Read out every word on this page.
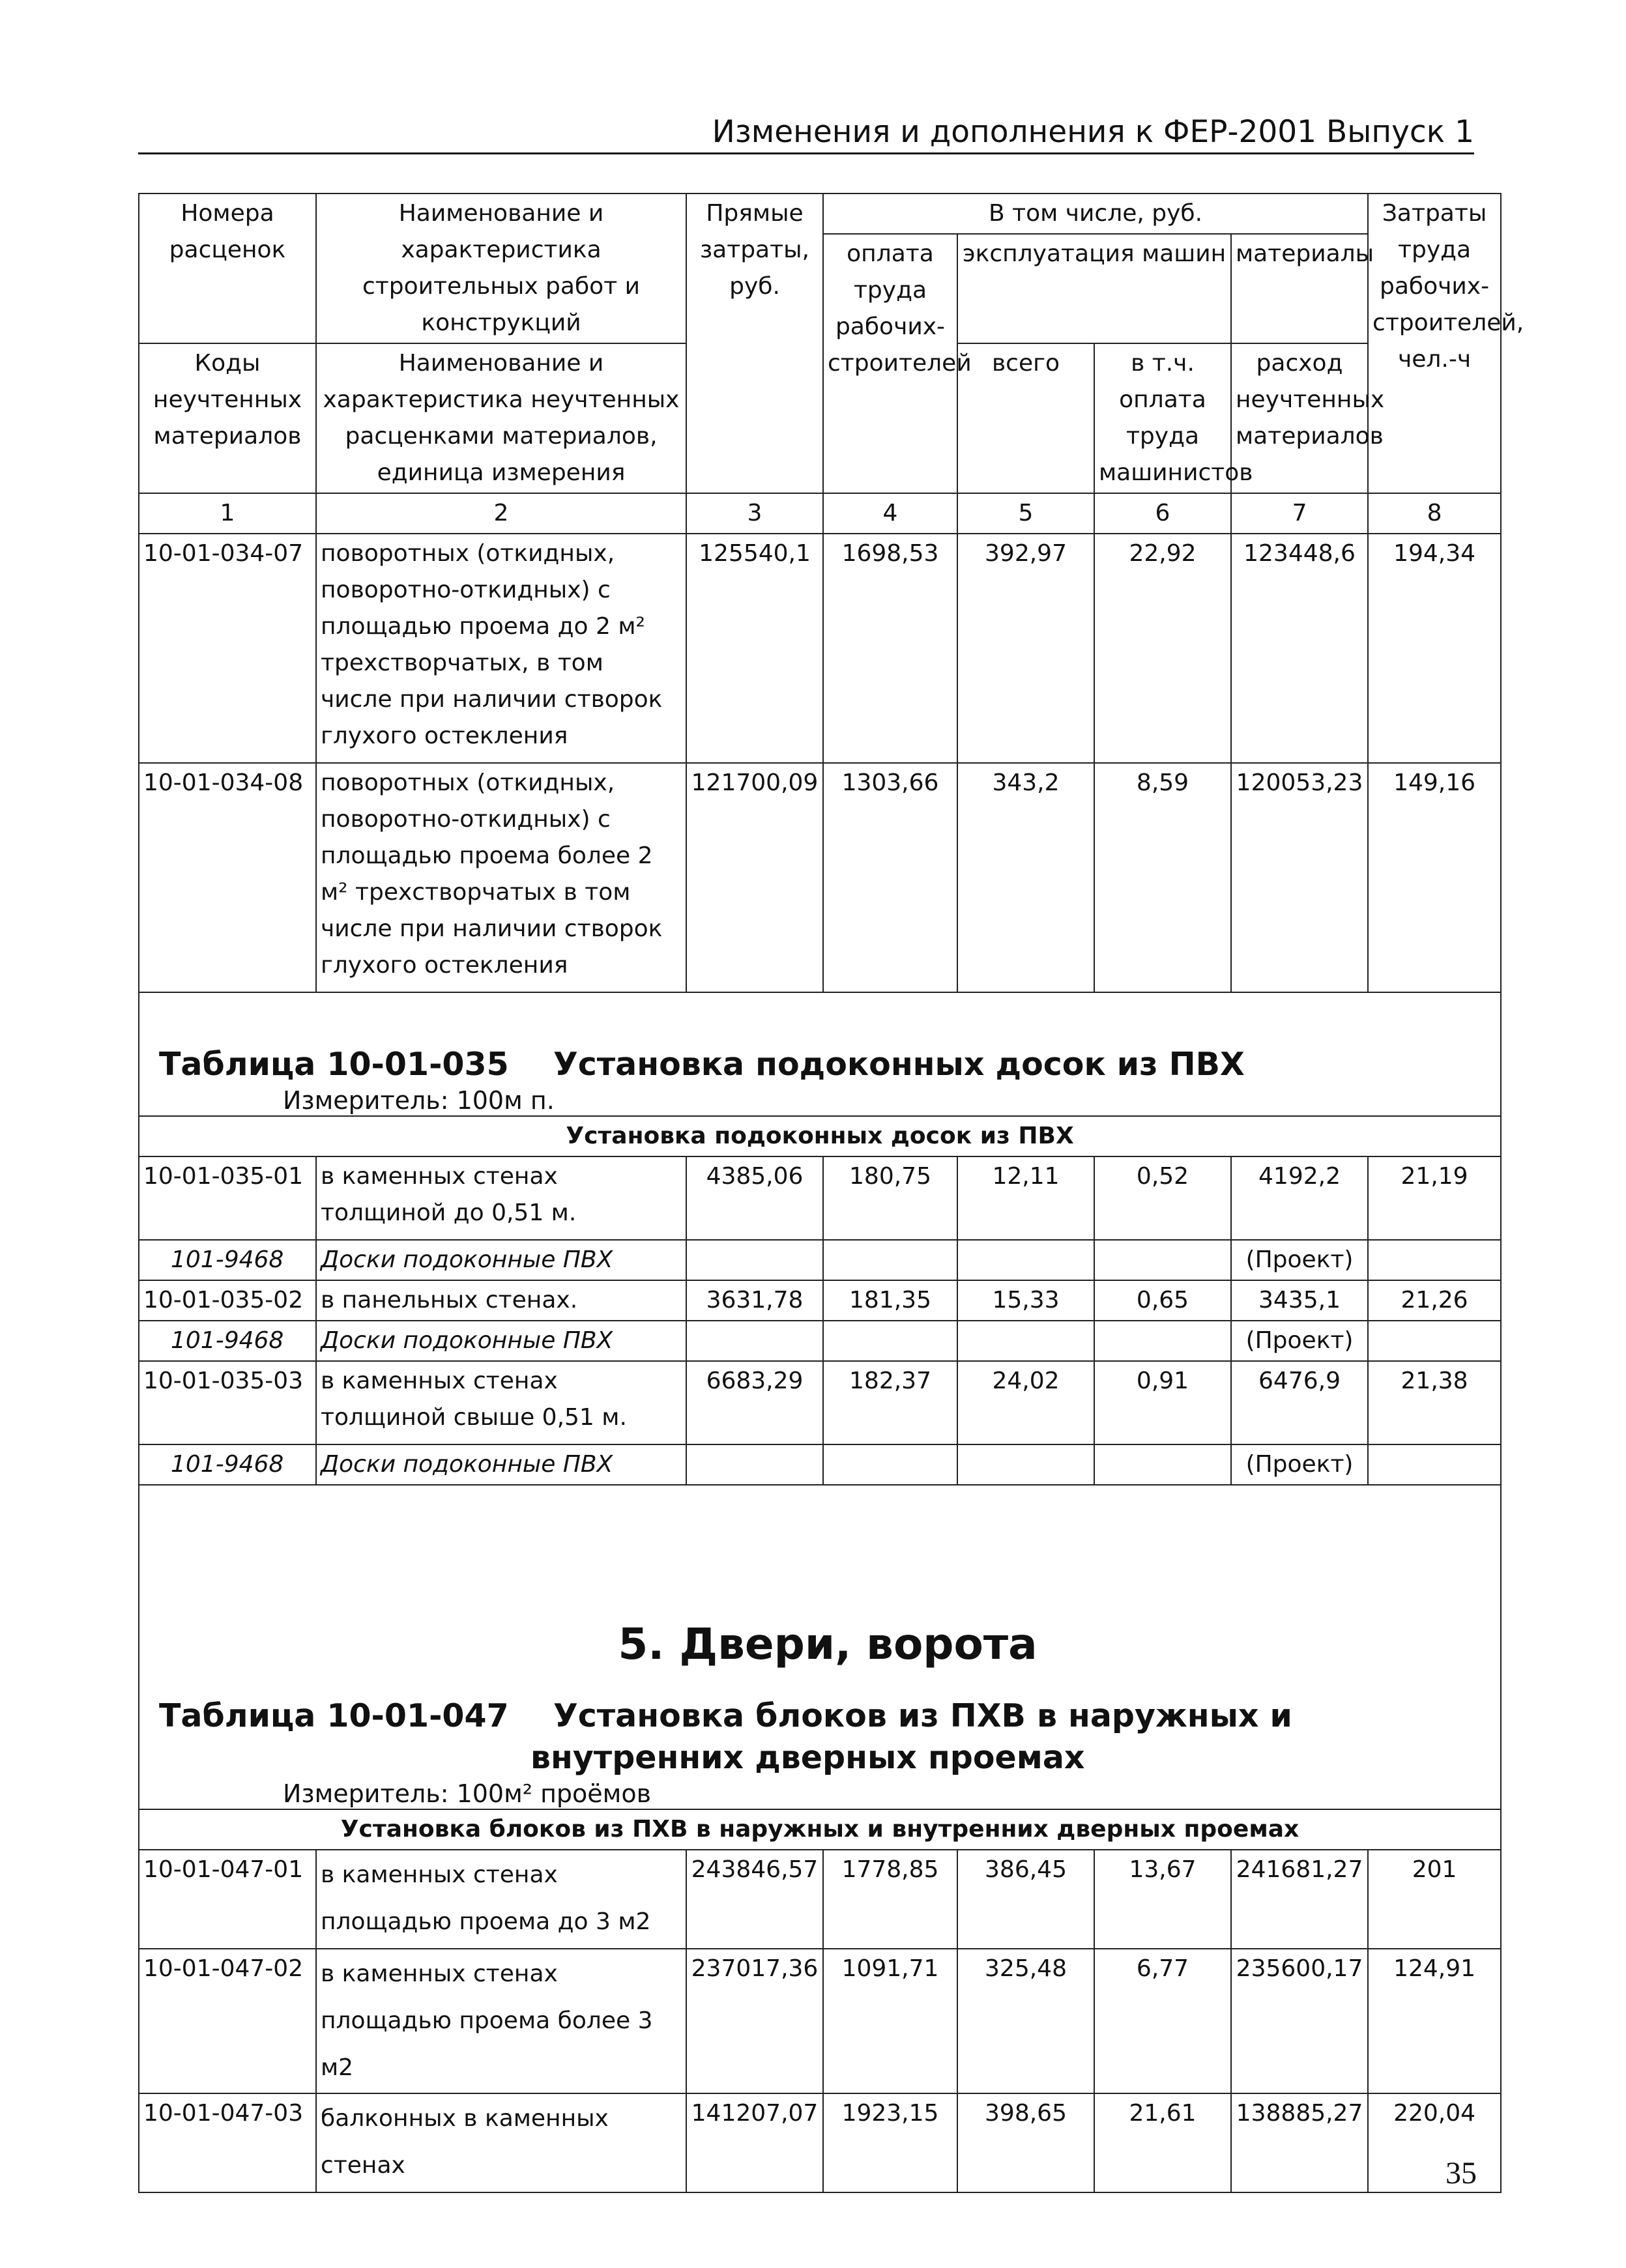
Изменения и дополнения к ФЕР-2001 Выпуск 1
Номера расценок	Наименование и характеристика строительных работ и конструкций	Прямые затраты, руб.	В том числе, руб.				Затраты труда рабочих-строителей, чел.-ч
			оплата труда рабочих-строителей	эксплуатация машин		материалы	
Коды неучтенных материалов	Наименование и характеристика неучтенных расценками материалов, единица измерения			всего	в т.ч. оплата труда машинистов	расход неучтенных материалов	

1	2	3	4	5	6	7	8
10-01-034-07	поворотных (откидных, поворотно-откидных) с площадью проема до 2 м² трехстворчатых, в том числе при наличии створок глухого остекления	125540,1	1698,53	392,97	22,92	123448,6	194,34
10-01-034-08	поворотных (откидных, поворотно-откидных) с площадью проема более 2 м² трехстворчатых в том числе при наличии створок глухого остекления	121700,09	1303,66	343,2	8,59	120053,23	149,16

Таблица 10-01-035    Установка подоконных досок из ПВХ
Измеритель: 100м п.							

Установка подоконных досок из ПВХ							
10-01-035-01	в каменных стенах толщиной до 0,51 м.	4385,06	180,75	12,11	0,52	4192,2	21,19
101-9468	Доски подоконные ПВХ					(Проект)	
10-01-035-02	в панельных стенах.	3631,78	181,35	15,33	0,65	3435,1	21,26
101-9468	Доски подоконные ПВХ					(Проект)	
10-01-035-03	в каменных стенах толщиной свыше 0,51 м.	6683,29	182,37	24,02	0,91	6476,9	21,38
101-9468	Доски подоконные ПВХ					(Проект)	

5. Двери, ворота
Таблица 10-01-047    Установка блоков из ПХВ в наружных и
внутренних дверных проемах
Измеритель: 100м² проёмов							

Установка блоков из ПХВ в наружных и внутренних дверных проемах							
10-01-047-01	в каменных стенах площадью проема до 3 м2	243846,57	1778,85	386,45	13,67	241681,27	201
10-01-047-02	в каменных стенах площадью проема более 3 м2	237017,36	1091,71	325,48	6,77	235600,17	124,91
10-01-047-03	балконных в каменных стенах	141207,07	1923,15	398,65	21,61	138885,27	220,04
35
